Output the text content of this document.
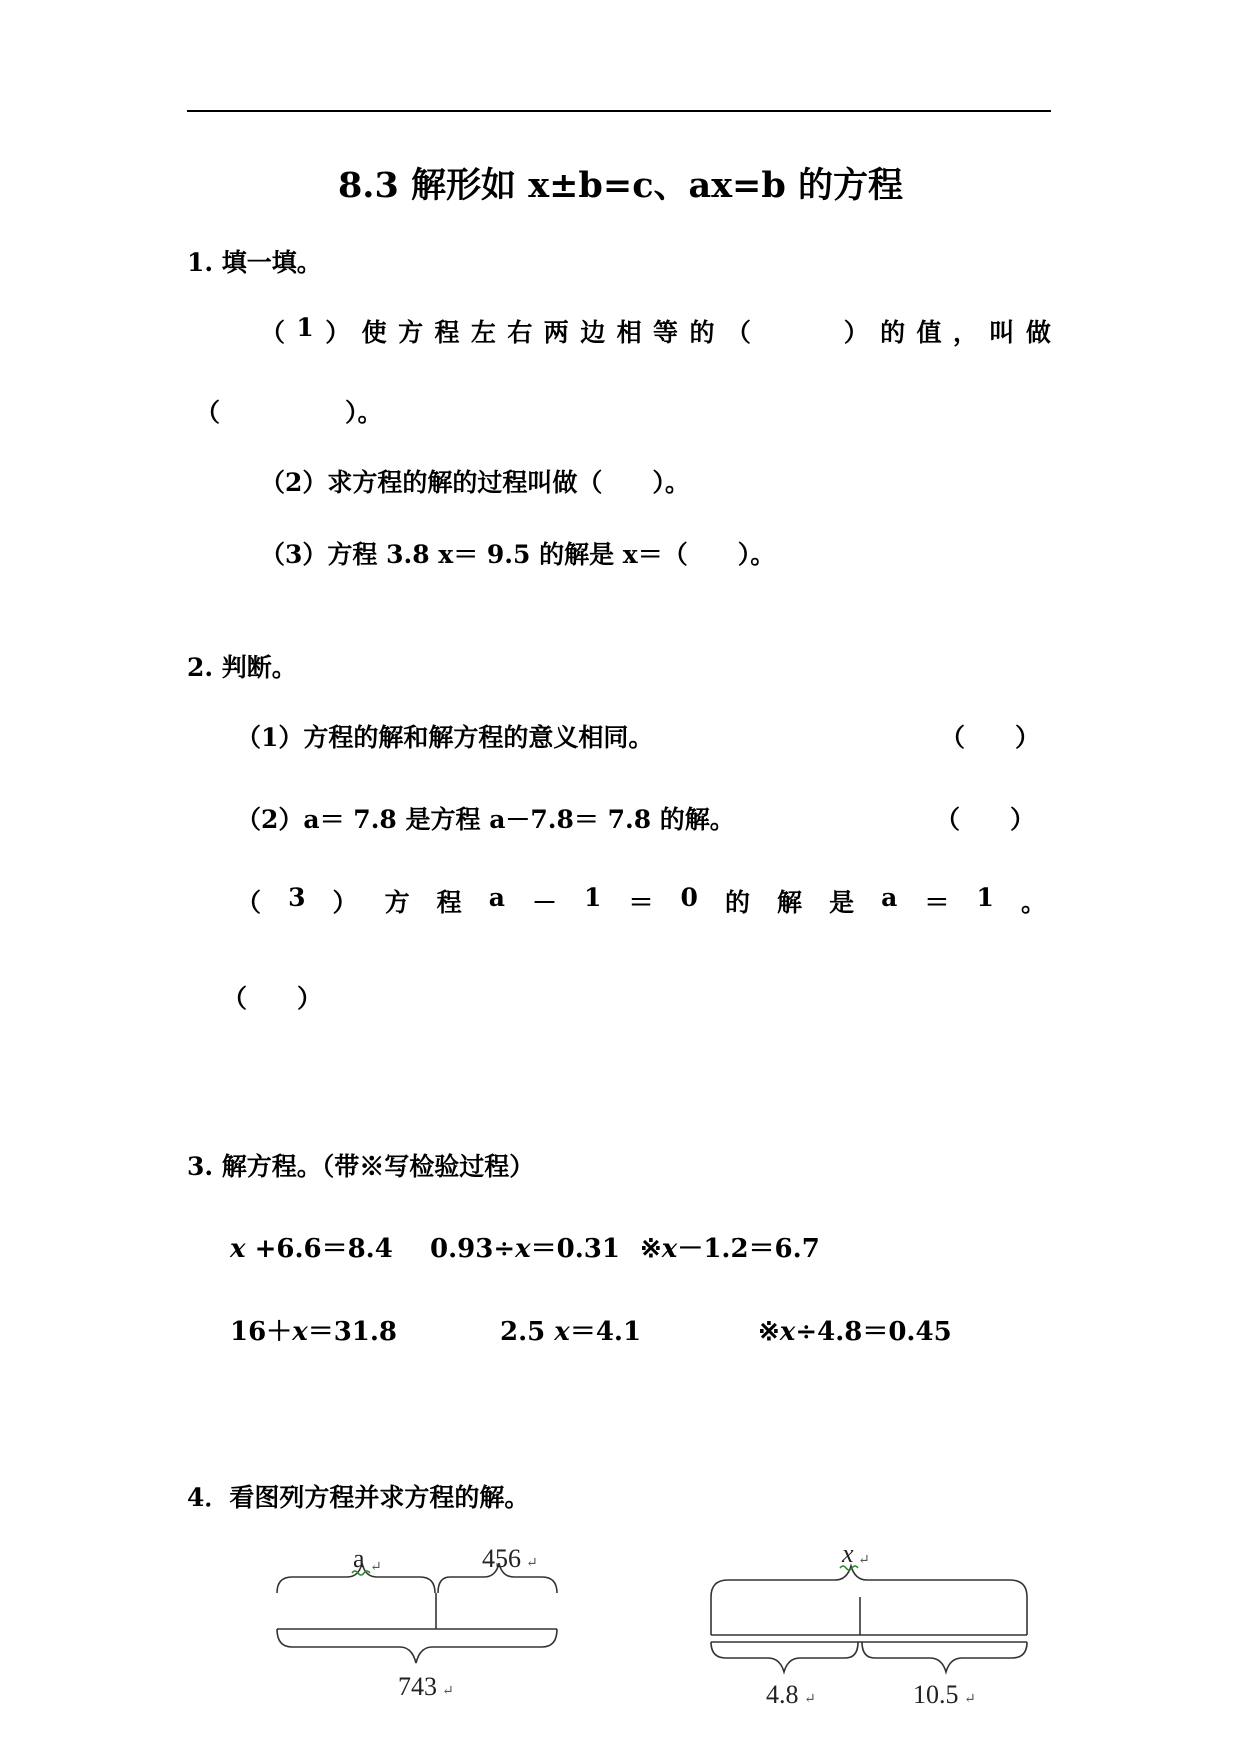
8.3 解形如 x±b=c、ax=b 的方程
1. 填一填。
（ 1 ） 使 方 程 左 右 两 边 相 等 的 （	） 的 值 ， 叫 做
（　　　　　）。
（2）求方程的解的过程叫做（　　）。
（3）方程 3.8 x＝ 9.5 的解是 x＝（　　）。
2. 判断。
（1）方程的解和解方程的意义相同。	（　　）
（2）a＝ 7.8 是方程 a－7.8＝ 7.8 的解。	（　　）
（ 3 ） 方 程 a － 1 ＝ 0 的 解 是 a ＝ 1 。
（　　）
3. 解方程。（带※写检验过程）
x +6.6＝8.4 0.93÷x＝0.31 ※x－1.2＝6.7
16＋x＝31.8	2.5 x＝4.1	※x÷4.8＝0.45
4．看图列方程并求方程的解。
a ↵	456 ↵
743 ↵
x ↵
4.8 ↵	10.5 ↵
